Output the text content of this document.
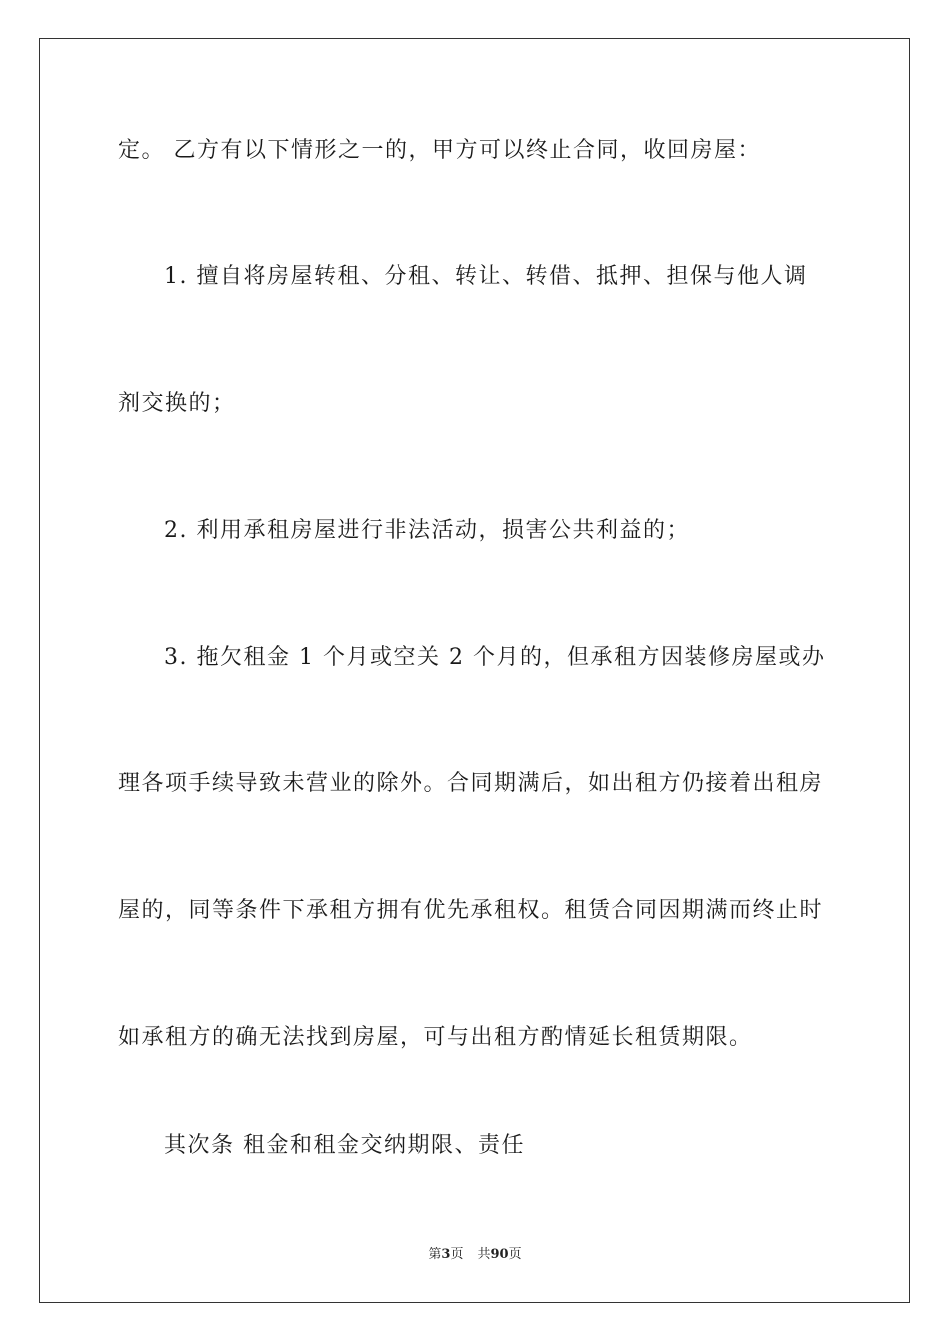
定。 乙方有以下情形之一的，甲方可以终止合同，收回房屋：
1. 擅自将房屋转租、分租、转让、转借、抵押、担保与他人调
剂交换的；
2. 利用承租房屋进行非法活动，损害公共利益的；
3. 拖欠租金 1 个月或空关 2 个月的，但承租方因装修房屋或办
理各项手续导致未营业的除外。合同期满后，如出租方仍接着出租房
屋的，同等条件下承租方拥有优先承租权。租赁合同因期满而终止时
如承租方的确无法找到房屋，可与出租方酌情延长租赁期限。
其次条 租金和租金交纳期限、责任
第3页 共90页
